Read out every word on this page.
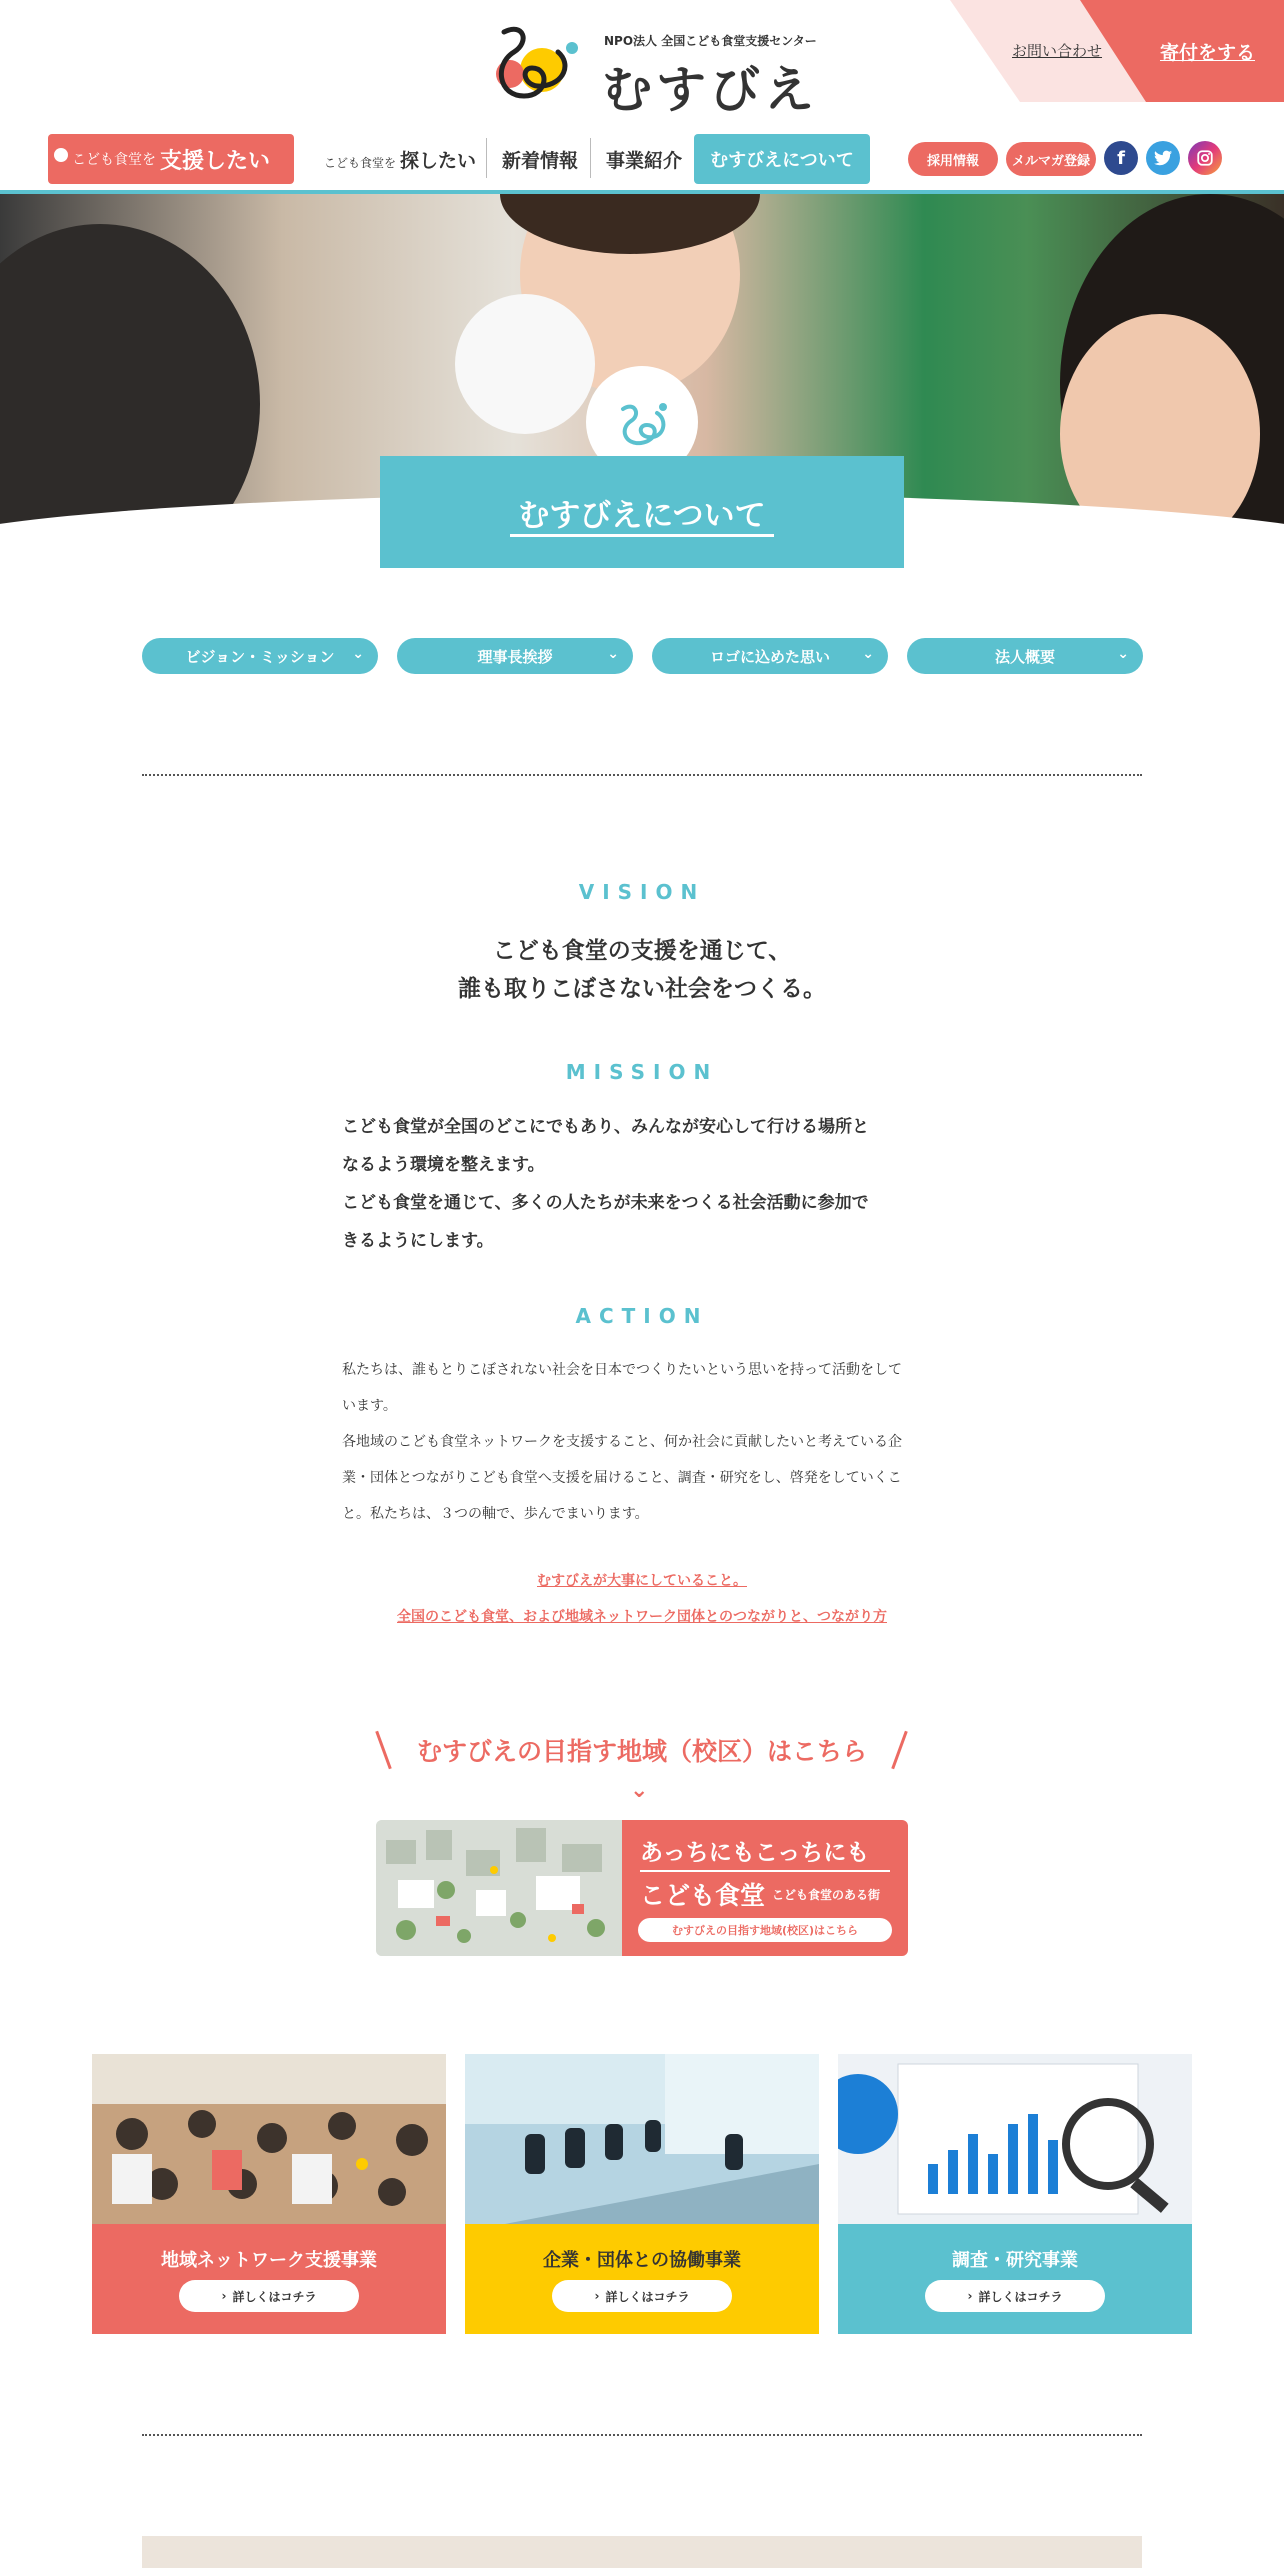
お問い合わせ	寄付をする
NPO法人 全国こども食堂支援センター
むすびえ
こども食堂を 支援したい	こども食堂を 探したい 新着情報 事業紹介	むすびえについて	採用情報	メルマガ登録	f
むすびえについて
ビジョン・ミッション ⌄	理事長挨拶	⌄	ロゴに込めた思い ⌄	法人概要	⌄
VISION
こども食堂の支援を通じて、
誰も取りこぼさない社会をつくる。
MISSION
こども食堂が全国のどこにでもあり、みんなが安心して行ける場所と
なるよう環境を整えます。
こども食堂を通じて、多くの人たちが未来をつくる社会活動に参加で
きるようにします。
ACTION
私たちは、誰もとりこぼされない社会を日本でつくりたいという思いを持って活動をして
います。
各地域のこども食堂ネットワークを支援すること、何か社会に貢献したいと考えている企
業・団体とつながりこども食堂へ支援を届けること、調査・研究をし、啓発をしていくこ
と。私たちは、３つの軸で、歩んでまいります。
むすびえが大事にしていること。
全国のこども食堂、および地域ネットワーク団体とのつながりと、つながり方
むすびえの目指す地域（校区）はこちら
⌄
あっちにもこっちにも
こども食堂 こども食堂のある街
むすびえの目指す地域(校区)はこちら
地域ネットワーク支援事業
› 詳しくはコチラ
企業・団体との協働事業
› 詳しくはコチラ
調査・研究事業
› 詳しくはコチラ
